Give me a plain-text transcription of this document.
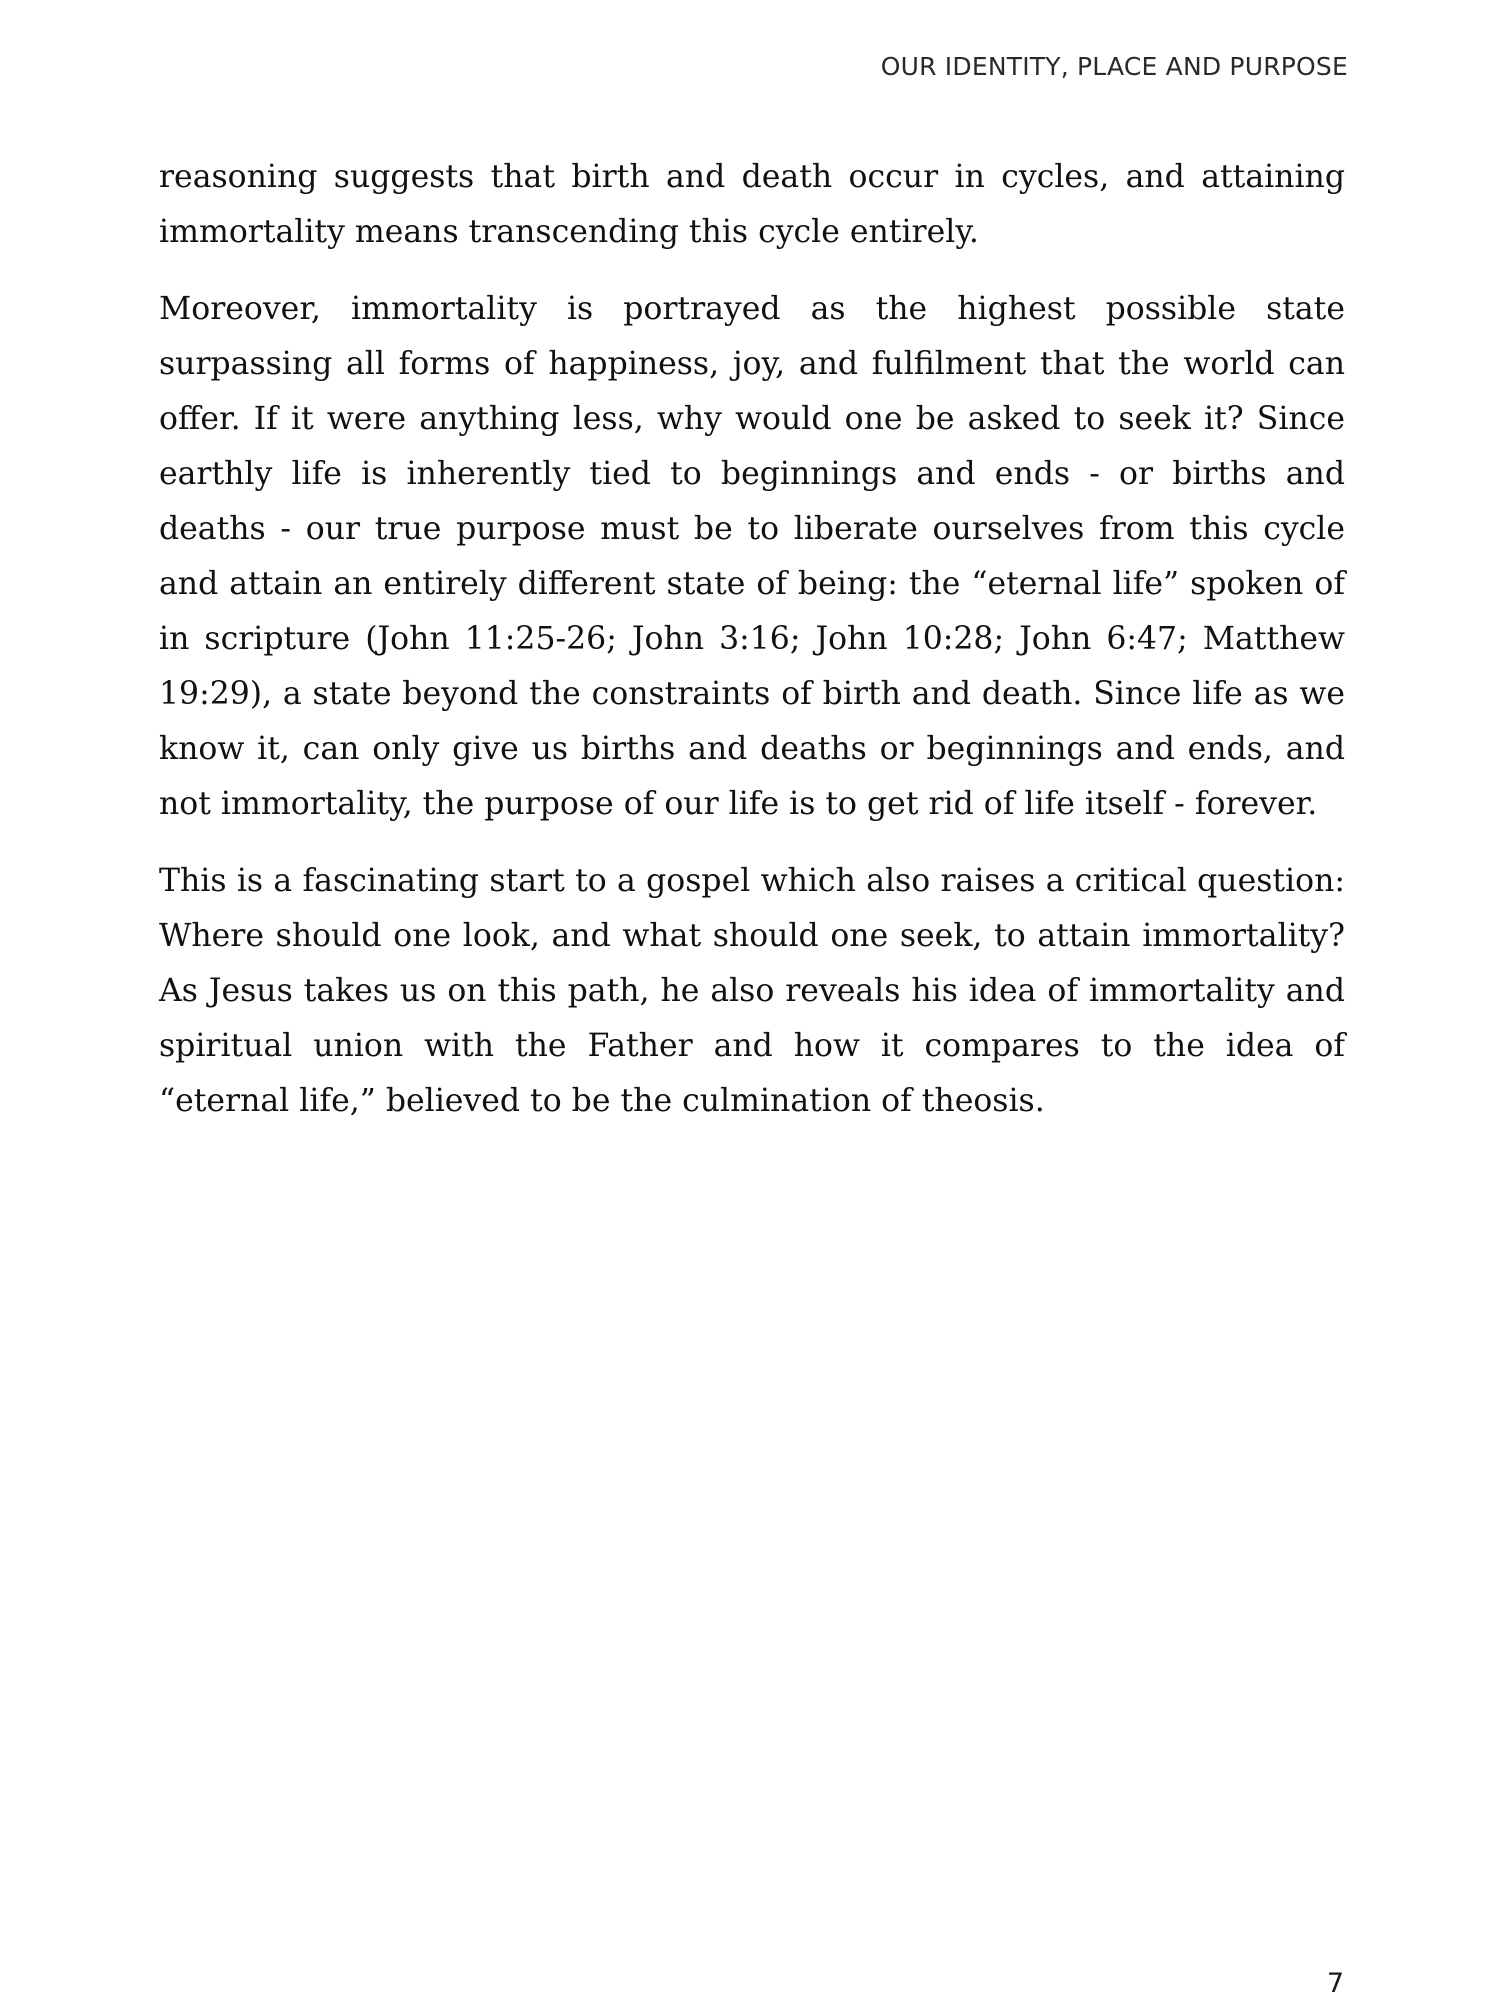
OUR IDENTITY, PLACE AND PURPOSE

reasoning suggests that birth and death occur in cycles, and attaining immortality means transcending this cycle entirely.

Moreover, immortality is portrayed as the highest possible state surpassing all forms of happiness, joy, and fulfilment that the world can offer. If it were anything less, why would one be asked to seek it? Since earthly life is inherently tied to beginnings and ends - or births and deaths - our true purpose must be to liberate ourselves from this cycle and attain an entirely different state of being: the “eternal life” spoken of in scripture (John 11:25-26; John 3:16; John 10:28; John 6:47; Matthew 19:29), a state beyond the constraints of birth and death. Since life as we know it, can only give us births and deaths or beginnings and ends, and not immortality, the purpose of our life is to get rid of life itself - forever.

This is a fascinating start to a gospel which also raises a critical question: Where should one look, and what should one seek, to attain immortality? As Jesus takes us on this path, he also reveals his idea of immortality and spiritual union with the Father and how it compares to the idea of “eternal life,” believed to be the culmination of theosis.

7
